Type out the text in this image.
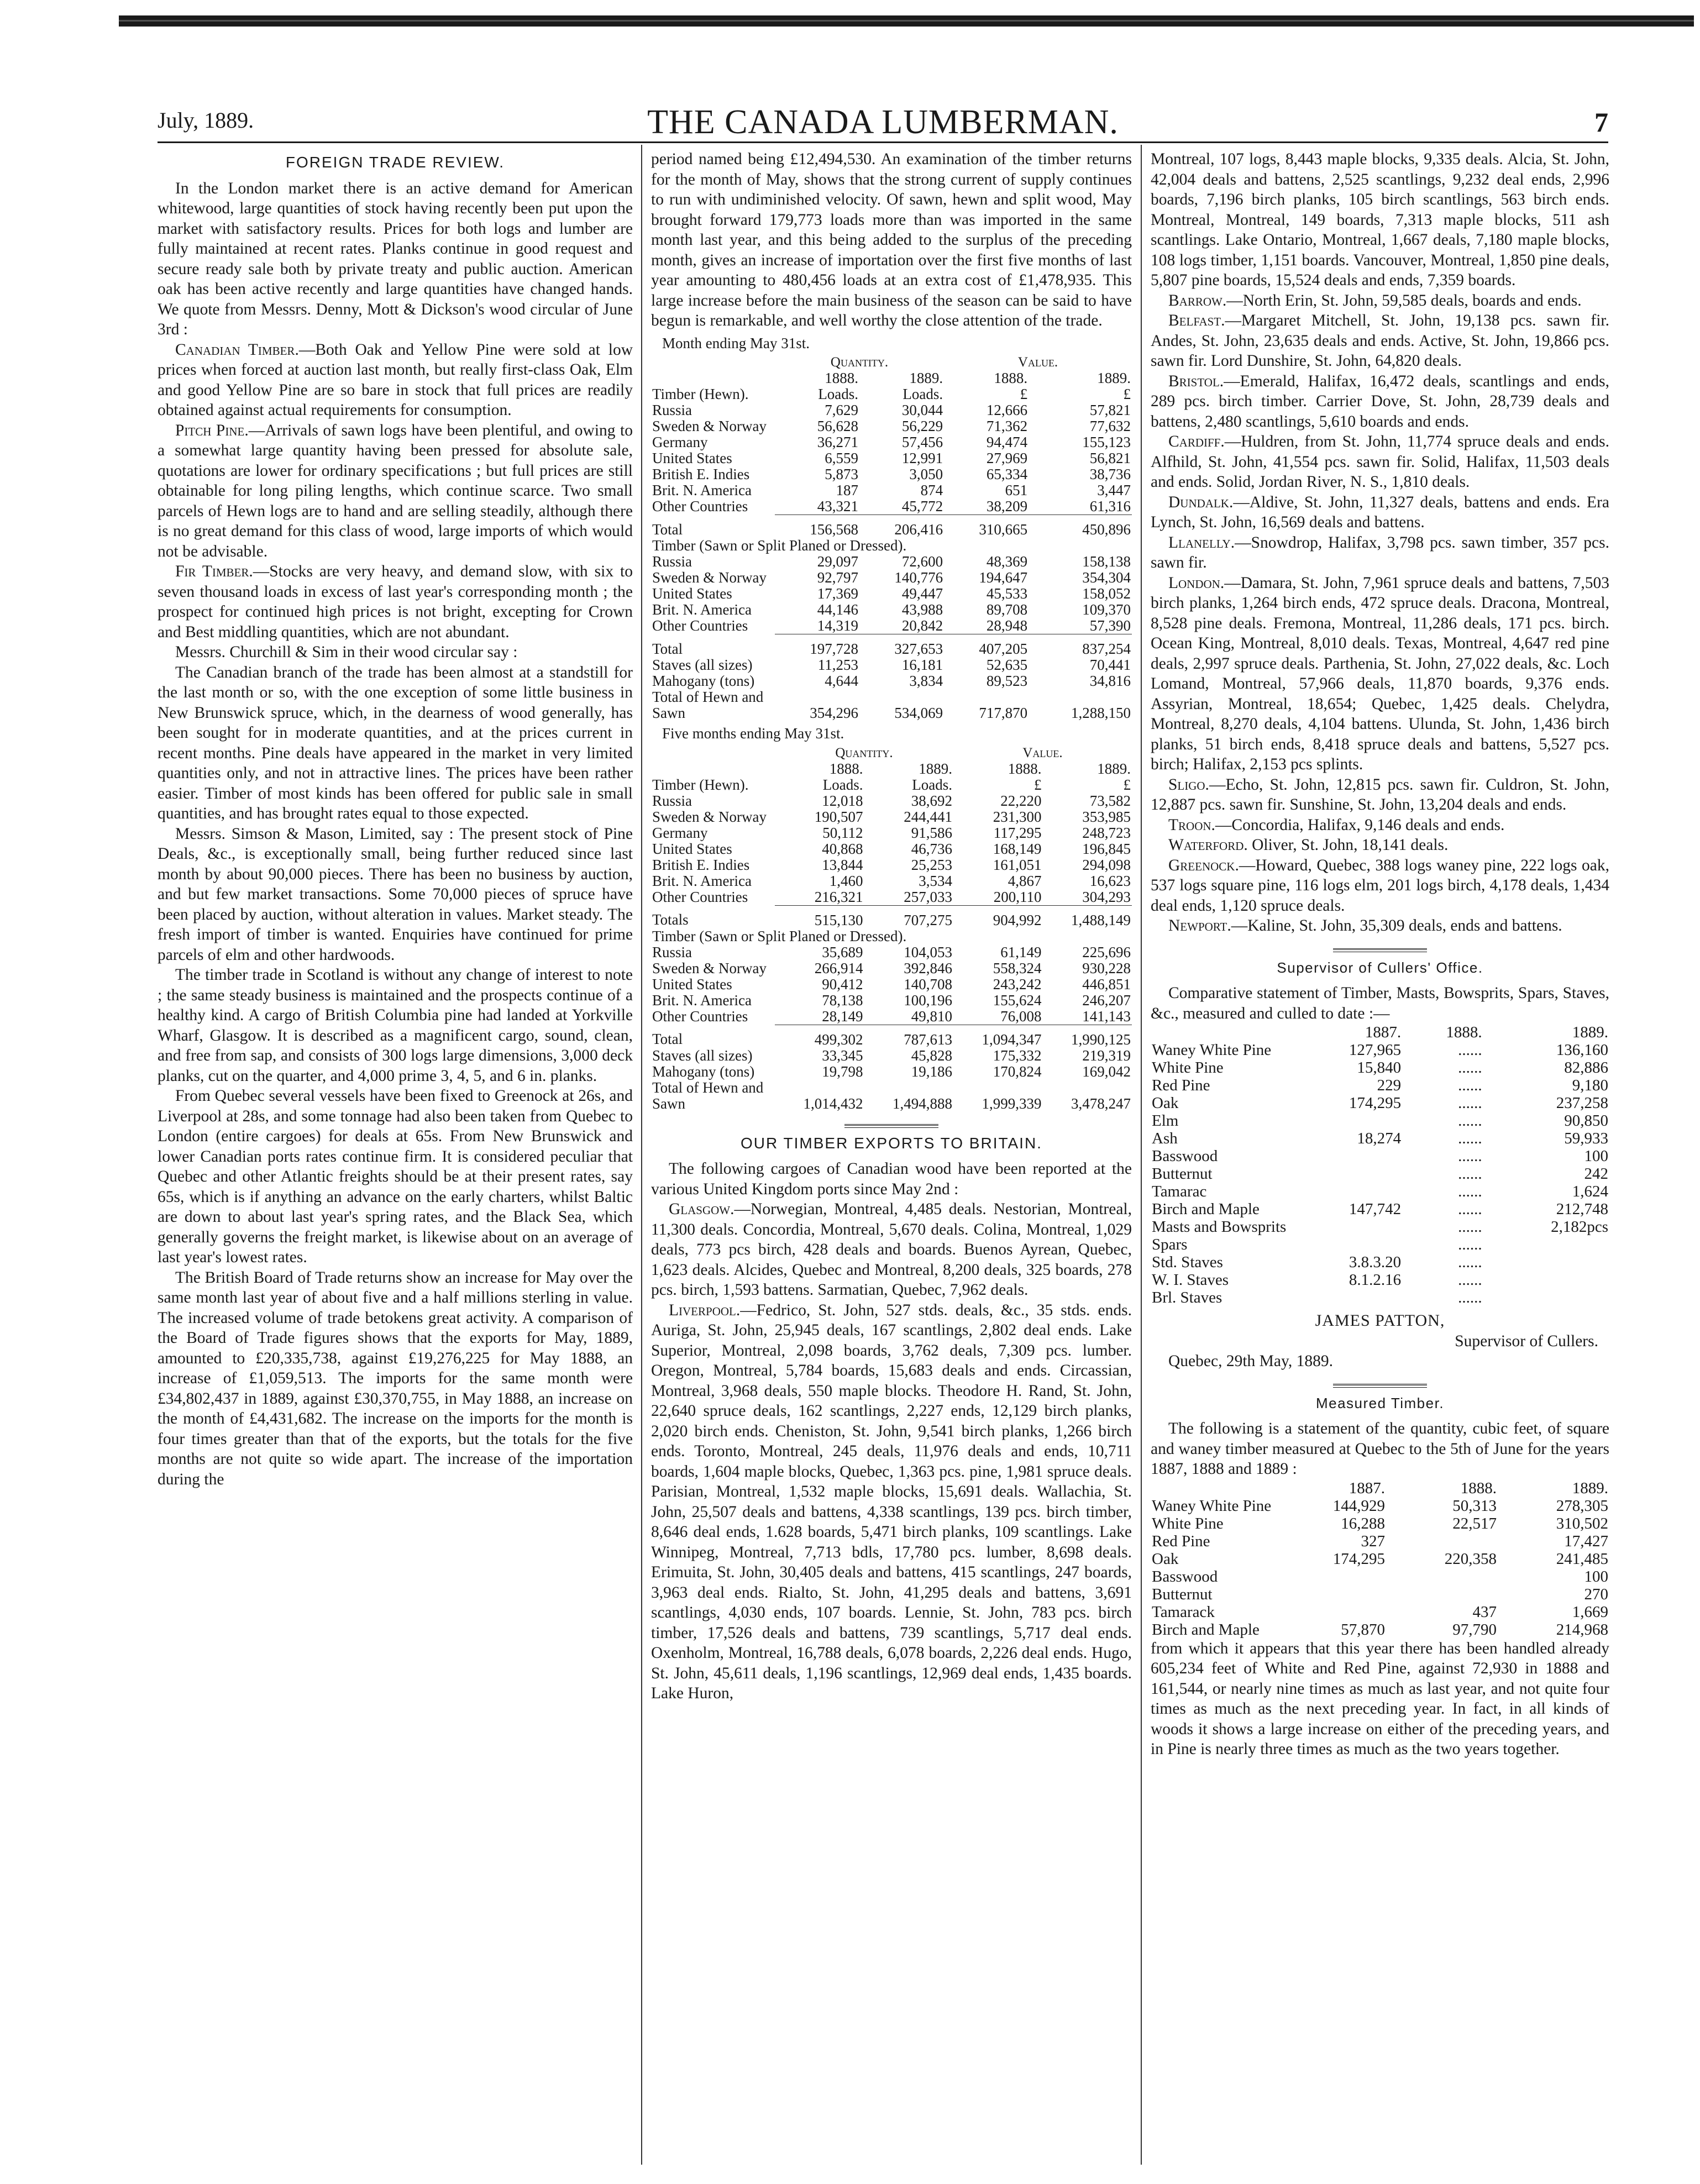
July, 1889.	THE CANADA LUMBERMAN.	7
FOREIGN TRADE REVIEW.

In the London market there is an active demand for American whitewood, large quantities of stock having recently been put upon the market with satisfactory results. Prices for both logs and lumber are fully maintained at recent rates. Planks continue in good request and secure ready sale both by private treaty and public auction. American oak has been active recently and large quantities have changed hands. We quote from Messrs. Denny, Mott & Dickson's wood circular of June 3rd :

Canadian Timber.—Both Oak and Yellow Pine were sold at low prices when forced at auction last month, but really first-class Oak, Elm and good Yellow Pine are so bare in stock that full prices are readily obtained against actual requirements for consumption.

Pitch Pine.—Arrivals of sawn logs have been plentiful, and owing to a somewhat large quantity having been pressed for absolute sale, quotations are lower for ordinary specifications ; but full prices are still obtainable for long piling lengths, which continue scarce. Two small parcels of Hewn logs are to hand and are selling steadily, although there is no great demand for this class of wood, large imports of which would not be advisable.

Fir Timber.—Stocks are very heavy, and demand slow, with six to seven thousand loads in excess of last year's corresponding month ; the prospect for continued high prices is not bright, excepting for Crown and Best middling quantities, which are not abundant.

Messrs. Churchill & Sim in their wood circular say :

The Canadian branch of the trade has been almost at a standstill for the last month or so, with the one exception of some little business in New Brunswick spruce, which, in the dearness of wood generally, has been sought for in moderate quantities, and at the prices current in recent months. Pine deals have appeared in the market in very limited quantities only, and not in attractive lines. The prices have been rather easier. Timber of most kinds has been offered for public sale in small quantities, and has brought rates equal to those expected.

Messrs. Simson & Mason, Limited, say : The present stock of Pine Deals, &c., is exceptionally small, being further reduced since last month by about 90,000 pieces. There has been no business by auction, and but few market transactions. Some 70,000 pieces of spruce have been placed by auction, without alteration in values. Market steady. The fresh import of timber is wanted. Enquiries have continued for prime parcels of elm and other hardwoods.

The timber trade in Scotland is without any change of interest to note ; the same steady business is maintained and the prospects continue of a healthy kind. A cargo of British Columbia pine had landed at Yorkville Wharf, Glasgow. It is described as a magnificent cargo, sound, clean, and free from sap, and consists of 300 logs large dimensions, 3,000 deck planks, cut on the quarter, and 4,000 prime 3, 4, 5, and 6 in. planks.

From Quebec several vessels have been fixed to Greenock at 26s, and Liverpool at 28s, and some tonnage had also been taken from Quebec to London (entire cargoes) for deals at 65s. From New Brunswick and lower Canadian ports rates continue firm. It is considered peculiar that Quebec and other Atlantic freights should be at their present rates, say 65s, which is if anything an advance on the early charters, whilst Baltic are down to about last year's spring rates, and the Black Sea, which generally governs the freight market, is likewise about on an average of last year's lowest rates.

The British Board of Trade returns show an increase for May over the same month last year of about five and a half millions sterling in value. The increased volume of trade betokens great activity. A comparison of the Board of Trade figures shows that the exports for May, 1889, amounted to £20,335,738, against £19,276,225 for May 1888, an increase of £1,059,513. The imports for the same month were £34,802,437 in 1889, against £30,370,755, in May 1888, an increase on the month of £4,431,682. The increase on the imports for the month is four times greater than that of the exports, but the totals for the five months are not quite so wide apart. The increase of the importation during the

period named being £12,494,530. An examination of the timber returns for the month of May, shows that the strong current of supply continues to run with undiminished velocity. Of sawn, hewn and split wood, May brought forward 179,773 loads more than was imported in the same month last year, and this being added to the surplus of the preceding month, gives an increase of importation over the first five months of last year amounting to 480,456 loads at an extra cost of £1,478,935. This large increase before the main business of the season can be said to have begun is remarkable, and well worthy the close attention of the trade.

Month ending May 31st.
	Quantity.		Value.	
	1888.	1889.	1888.	1889.
Timber (Hewn).	Loads.	Loads.	£	£
Russia	7,629	30,044	12,666	57,821
Sweden & Norway	56,628	56,229	71,362	77,632
Germany	36,271	57,456	94,474	155,123
United States	6,559	12,991	27,969	56,821
British E. Indies	5,873	3,050	65,334	38,736
Brit. N. America	187	874	651	3,447
Other Countries	43,321	45,772	38,209	61,316
Total	156,568	206,416	310,665	450,896
Timber (Sawn or Split Planed or Dressed).				
Russia	29,097	72,600	48,369	158,138
Sweden & Norway	92,797	140,776	194,647	354,304
United States	17,369	49,447	45,533	158,052
Brit. N. America	44,146	43,988	89,708	109,370
Other Countries	14,319	20,842	28,948	57,390
Total	197,728	327,653	407,205	837,254
Staves (all sizes)	11,253	16,181	52,635	70,441
Mahogany (tons)	4,644	3,834	89,523	34,816
Total of Hewn and				
Sawn	354,296	534,069	717,870	1,288,150
Five months ending May 31st.
	Quantity.		Value.	
	1888.	1889.	1888.	1889.
Timber (Hewn).	Loads.	Loads.	£	£
Russia	12,018	38,692	22,220	73,582
Sweden & Norway	190,507	244,441	231,300	353,985
Germany	50,112	91,586	117,295	248,723
United States	40,868	46,736	168,149	196,845
British E. Indies	13,844	25,253	161,051	294,098
Brit. N. America	1,460	3,534	4,867	16,623
Other Countries	216,321	257,033	200,110	304,293
Totals	515,130	707,275	904,992	1,488,149
Timber (Sawn or Split Planed or Dressed).				
Russia	35,689	104,053	61,149	225,696
Sweden & Norway	266,914	392,846	558,324	930,228
United States	90,412	140,708	243,242	446,851
Brit. N. America	78,138	100,196	155,624	246,207
Other Countries	28,149	49,810	76,008	141,143
Total	499,302	787,613	1,094,347	1,990,125
Staves (all sizes)	33,345	45,828	175,332	219,319
Mahogany (tons)	19,798	19,186	170,824	169,042
Total of Hewn and				
Sawn	1,014,432	1,494,888	1,999,339	3,478,247
OUR TIMBER EXPORTS TO BRITAIN.

The following cargoes of Canadian wood have been reported at the various United Kingdom ports since May 2nd :

Glasgow.—Norwegian, Montreal, 4,485 deals. Nestorian, Montreal, 11,300 deals. Concordia, Montreal, 5,670 deals. Colina, Montreal, 1,029 deals, 773 pcs birch, 428 deals and boards. Buenos Ayrean, Quebec, 1,623 deals. Alcides, Quebec and Montreal, 8,200 deals, 325 boards, 278 pcs. birch, 1,593 battens. Sarmatian, Quebec, 7,962 deals.

Liverpool.—Fedrico, St. John, 527 stds. deals, &c., 35 stds. ends. Auriga, St. John, 25,945 deals, 167 scantlings, 2,802 deal ends. Lake Superior, Montreal, 2,098 boards, 3,762 deals, 7,309 pcs. lumber. Oregon, Montreal, 5,784 boards, 15,683 deals and ends. Circassian, Montreal, 3,968 deals, 550 maple blocks. Theodore H. Rand, St. John, 22,640 spruce deals, 162 scantlings, 2,227 ends, 12,129 birch planks, 2,020 birch ends. Cheniston, St. John, 9,541 birch planks, 1,266 birch ends. Toronto, Montreal, 245 deals, 11,976 deals and ends, 10,711 boards, 1,604 maple blocks, Quebec, 1,363 pcs. pine, 1,981 spruce deals. Parisian, Montreal, 1,532 maple blocks, 15,691 deals. Wallachia, St. John, 25,507 deals and battens, 4,338 scantlings, 139 pcs. birch timber, 8,646 deal ends, 1.628 boards, 5,471 birch planks, 109 scantlings. Lake Winnipeg, Montreal, 7,713 bdls, 17,780 pcs. lumber, 8,698 deals. Erimuita, St. John, 30,405 deals and battens, 415 scantlings, 247 boards, 3,963 deal ends. Rialto, St. John, 41,295 deals and battens, 3,691 scantlings, 4,030 ends, 107 boards. Lennie, St. John, 783 pcs. birch timber, 17,526 deals and battens, 739 scantlings, 5,717 deal ends. Oxenholm, Montreal, 16,788 deals, 6,078 boards, 2,226 deal ends. Hugo, St. John, 45,611 deals, 1,196 scantlings, 12,969 deal ends, 1,435 boards. Lake Huron,

Montreal, 107 logs, 8,443 maple blocks, 9,335 deals. Alcia, St. John, 42,004 deals and battens, 2,525 scantlings, 9,232 deal ends, 2,996 boards, 7,196 birch planks, 105 birch scantlings, 563 birch ends. Montreal, Montreal, 149 boards, 7,313 maple blocks, 511 ash scantlings. Lake Ontario, Montreal, 1,667 deals, 7,180 maple blocks, 108 logs timber, 1,151 boards. Vancouver, Montreal, 1,850 pine deals, 5,807 pine boards, 15,524 deals and ends, 7,359 boards.

Barrow.—North Erin, St. John, 59,585 deals, boards and ends.

Belfast.—Margaret Mitchell, St. John, 19,138 pcs. sawn fir. Andes, St. John, 23,635 deals and ends. Active, St. John, 19,866 pcs. sawn fir. Lord Dunshire, St. John, 64,820 deals.

Bristol.—Emerald, Halifax, 16,472 deals, scantlings and ends, 289 pcs. birch timber. Carrier Dove, St. John, 28,739 deals and battens, 2,480 scantlings, 5,610 boards and ends.

Cardiff.—Huldren, from St. John, 11,774 spruce deals and ends. Alfhild, St. John, 41,554 pcs. sawn fir. Solid, Halifax, 11,503 deals and ends. Solid, Jordan River, N. S., 1,810 deals.

Dundalk.—Aldive, St. John, 11,327 deals, battens and ends. Era Lynch, St. John, 16,569 deals and battens.

Llanelly.—Snowdrop, Halifax, 3,798 pcs. sawn timber, 357 pcs. sawn fir.

London.—Damara, St. John, 7,961 spruce deals and battens, 7,503 birch planks, 1,264 birch ends, 472 spruce deals. Dracona, Montreal, 8,528 pine deals. Fremona, Montreal, 11,286 deals, 171 pcs. birch. Ocean King, Montreal, 8,010 deals. Texas, Montreal, 4,647 red pine deals, 2,997 spruce deals. Parthenia, St. John, 27,022 deals, &c. Loch Lomand, Montreal, 57,966 deals, 11,870 boards, 9,376 ends. Assyrian, Montreal, 18,654; Quebec, 1,425 deals. Chelydra, Montreal, 8,270 deals, 4,104 battens. Ulunda, St. John, 1,436 birch planks, 51 birch ends, 8,418 spruce deals and battens, 5,527 pcs. birch; Halifax, 2,153 pcs splints.

Sligo.—Echo, St. John, 12,815 pcs. sawn fir. Culdron, St. John, 12,887 pcs. sawn fir. Sunshine, St. John, 13,204 deals and ends.

Troon.—Concordia, Halifax, 9,146 deals and ends.

Waterford. Oliver, St. John, 18,141 deals.

Greenock.—Howard, Quebec, 388 logs waney pine, 222 logs oak, 537 logs square pine, 116 logs elm, 201 logs birch, 4,178 deals, 1,434 deal ends, 1,120 spruce deals.

Newport.—Kaline, St. John, 35,309 deals, ends and battens.

Supervisor of Cullers' Office.

Comparative statement of Timber, Masts, Bowsprits, Spars, Staves, &c., measured and culled to date :—

	1887.	1888.	1889.
Waney White Pine	127,965	......	136,160
White Pine	15,840	......	82,886
Red Pine	229	......	9,180
Oak	174,295	......	237,258
Elm		......	90,850
Ash	18,274	......	59,933
Basswood		......	100
Butternut		......	242
Tamarac		......	1,624
Birch and Maple	147,742	......	212,748
Masts and Bowsprits		......	2,182pcs
Spars		......	
Std. Staves	3.8.3.20	......	
W. I. Staves	8.1.2.16	......	
Brl. Staves		......	
JAMES PATTON,
Supervisor of Cullers.

Quebec, 29th May, 1889.

Measured Timber.

The following is a statement of the quantity, cubic feet, of square and waney timber measured at Quebec to the 5th of June for the years 1887, 1888 and 1889 :

	1887.	1888.	1889.
Waney White Pine	144,929	50,313	278,305
White Pine	16,288	22,517	310,502
Red Pine	327		17,427
Oak	174,295	220,358	241,485
Basswood			100
Butternut			270
Tamarack		437	1,669
Birch and Maple	57,870	97,790	214,968

from which it appears that this year there has been handled already 605,234 feet of White and Red Pine, against 72,930 in 1888 and 161,544, or nearly nine times as much as last year, and not quite four times as much as the next preceding year. In fact, in all kinds of woods it shows a large increase on either of the preceding years, and in Pine is nearly three times as much as the two years together.
